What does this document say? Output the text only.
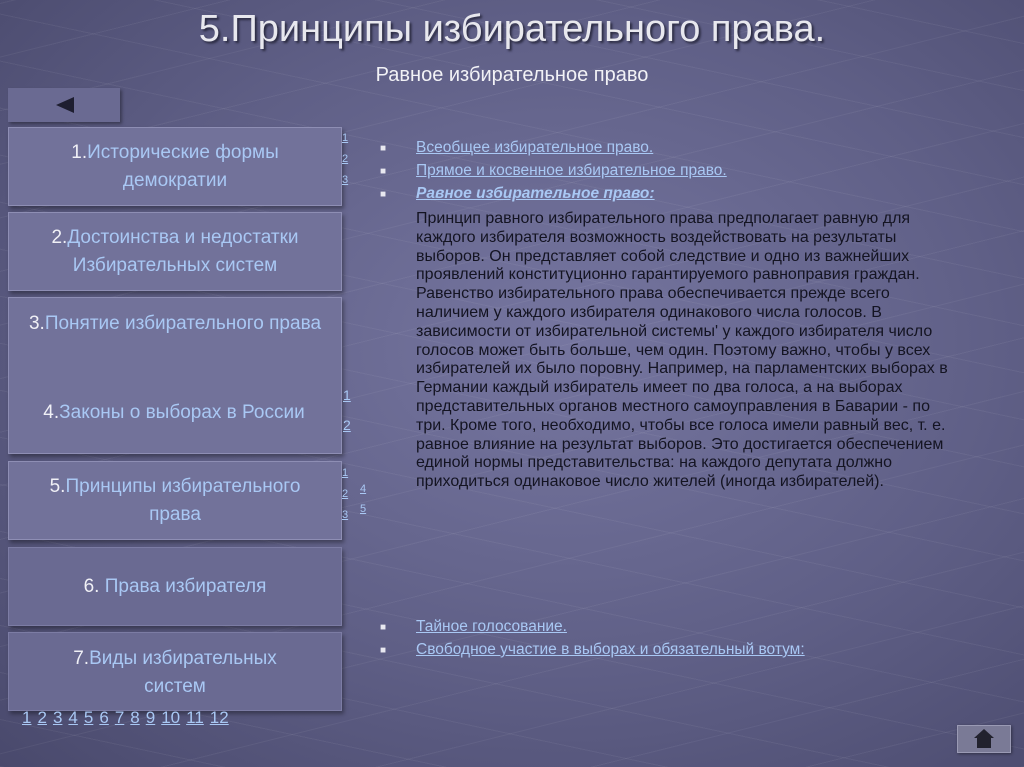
5.Принципы избирательного права.
Равное избирательное право
1.Исторические формы демократии
2.Достоинства и недостатки Избирательных систем
3.Понятие избирательного права
4.Законы о выборах в России
5.Принципы избирательного права
6. Права избирателя
7.Виды избирательных систем
1 2 3 4 5 6 7 8 9 10 11 12
1
2
3
1
2
1
2
3
4
5
■ Всеобщее избирательное право.
■ Прямое и косвенное избирательное право.
■ Равное избирательное право:
Принцип равного избирательного права предполагает равную для каждого избирателя возможность воздействовать на результаты выборов. Он представляет собой следствие и одно из важнейших проявлений конституционно гарантируемого равноправия граждан. Равенство избирательного права обеспечивается прежде всего наличием у каждого избирателя одинакового числа голосов. В зависимости от избирательной системы' у каждого избирателя число голосов может быть больше, чем один. Поэтому важно, чтобы у всех избирателей их было поровну. Например, на парламентских выборах в Германии каждый избиратель имеет по два голоса, а на выборах представительных органов местного самоуправления в Баварии - по три. Кроме того, необходимо, чтобы все голоса имели равный вес, т. е. равное влияние на результат выборов. Это достигается обеспечением единой нормы представительства: на каждого депутата должно приходиться одинаковое число жителей (иногда избирателей).
■ Тайное голосование.
■ Свободное участие в выборах и обязательный вотум:
